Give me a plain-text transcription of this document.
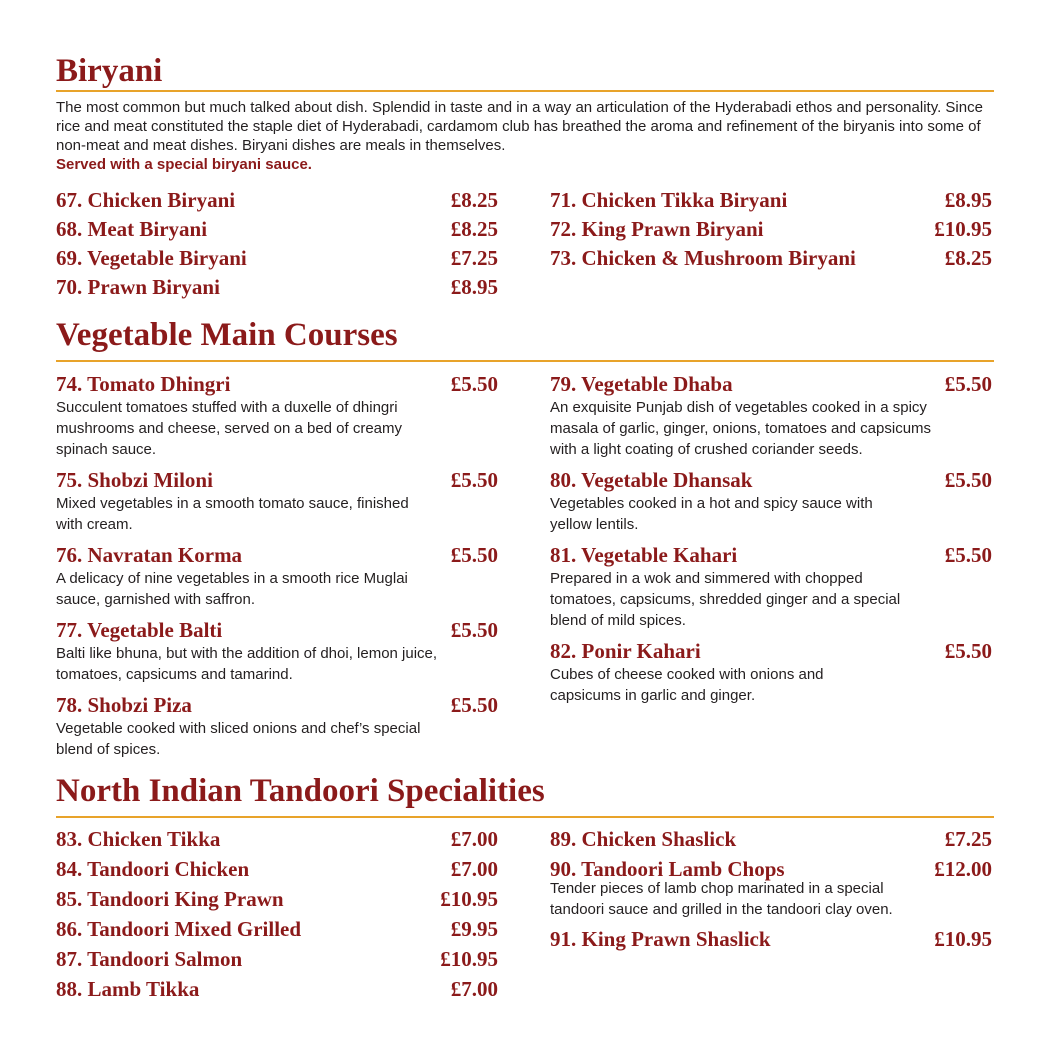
Biryani
The most common but much talked about dish. Splendid in taste and in a way an articulation of the Hyderabadi ethos and personality. Since rice and meat constituted the staple diet of Hyderabadi, cardamom club has breathed the aroma and refinement of the biryanis into some of non-meat and meat dishes. Biryani dishes are meals in themselves.
Served with a special biryani sauce.
67. Chicken Biryani	£8.25
68. Meat Biryani	£8.25
69. Vegetable Biryani	£7.25
70. Prawn Biryani	£8.95
71. Chicken Tikka Biryani	£8.95
72. King Prawn Biryani	£10.95
73. Chicken & Mushroom Biryani	£8.25
Vegetable Main Courses
74. Tomato Dhingri	£5.50
Succulent tomatoes stuffed with a duxelle of dhingri mushrooms and cheese, served on a bed of creamy spinach sauce.
75. Shobzi Miloni	£5.50
Mixed vegetables in a smooth tomato sauce, finished with cream.
76. Navratan Korma	£5.50
A delicacy of nine vegetables in a smooth rice Muglai sauce, garnished with saffron.
77. Vegetable Balti	£5.50
Balti like bhuna, but with the addition of dhoi, lemon juice, tomatoes, capsicums and tamarind.
78. Shobzi Piza	£5.50
Vegetable cooked with sliced onions and chef’s special blend of spices.
79. Vegetable Dhaba	£5.50
An exquisite Punjab dish of vegetables cooked in a spicy masala of garlic, ginger, onions, tomatoes and capsicums with a light coating of crushed coriander seeds.
80. Vegetable Dhansak	£5.50
Vegetables cooked in a hot and spicy sauce with yellow lentils.
81. Vegetable Kahari	£5.50
Prepared in a wok and simmered with chopped tomatoes, capsicums, shredded ginger and a special blend of mild spices.
82. Ponir Kahari	£5.50
Cubes of cheese cooked with onions and capsicums in garlic and ginger.
North Indian Tandoori Specialities
83. Chicken Tikka	£7.00
84. Tandoori Chicken	£7.00
85. Tandoori King Prawn	£10.95
86. Tandoori Mixed Grilled	£9.95
87. Tandoori Salmon	£10.95
88. Lamb Tikka	£7.00
89. Chicken Shaslick	£7.25
90. Tandoori Lamb Chops	£12.00
Tender pieces of lamb chop marinated in a special tandoori sauce and grilled in the tandoori clay oven.
91. King Prawn Shaslick	£10.95
